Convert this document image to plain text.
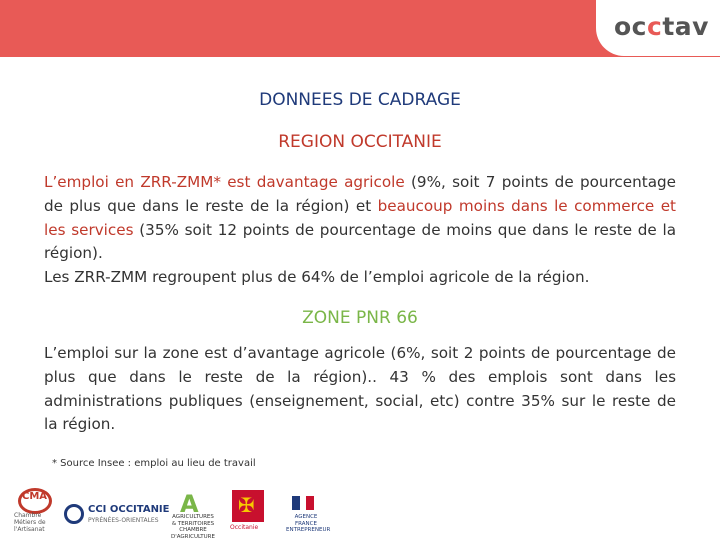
occtav
DONNEES DE CADRAGE
REGION OCCITANIE
L’emploi en ZRR-ZMM* est davantage agricole (9%, soit 7 points de pourcentage de plus que dans le reste de la région) et beaucoup moins dans le commerce et les services (35% soit 12 points de pourcentage de moins que dans le reste de la région).
Les ZRR-ZMM regroupent plus de 64% de l’emploi agricole de la région.
ZONE PNR 66
L’emploi sur la zone est d’avantage agricole (6%, soit 2 points de pourcentage de plus que dans le reste de la région).. 43 % des emplois sont dans les administrations publiques (enseignement, social, etc) contre 35% sur le reste de la région.
* Source Insee : emploi au lieu de travail
CMA
Chambre Métiers de l'Artisanat
CCI OCCITANIE
PYRÉNÉES-ORIENTALES
A
AGRICULTURES & TERRITOIRES CHAMBRE D'AGRICULTURE
✠
Occitanie
AGENCE FRANCE ENTREPRENEUR
